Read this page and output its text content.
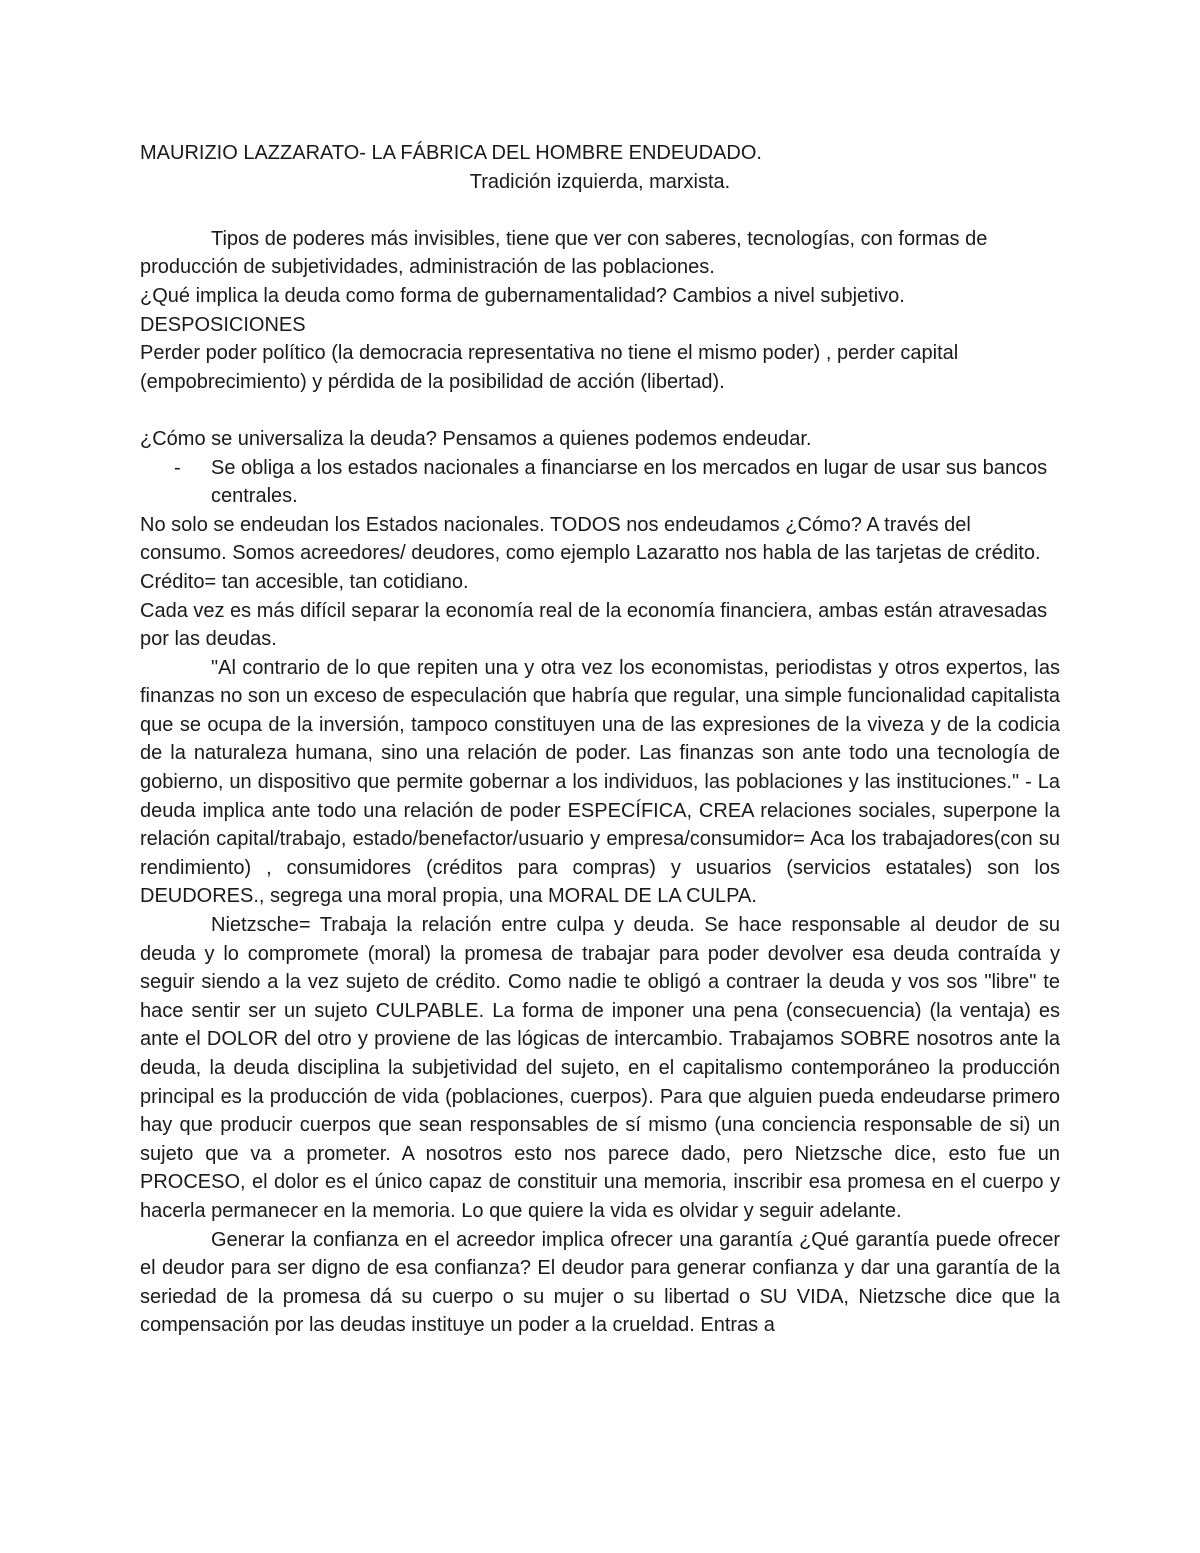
MAURIZIO LAZZARATO- LA FÁBRICA DEL HOMBRE ENDEUDADO.

Tradición izquierda, marxista.

Tipos de poderes más invisibles, tiene que ver con saberes, tecnologías, con formas de producción de subjetividades, administración de las poblaciones.

¿Qué implica la deuda como forma de gubernamentalidad? Cambios a nivel subjetivo.

DESPOSICIONES

Perder poder político (la democracia representativa no tiene el mismo poder) , perder capital (empobrecimiento) y pérdida de la posibilidad de acción (libertad).

¿Cómo se universaliza la deuda? Pensamos a quienes podemos endeudar.

-	Se obliga a los estados nacionales a financiarse en los mercados en lugar de usar sus bancos centrales.

No solo se endeudan los Estados nacionales. TODOS nos endeudamos ¿Cómo? A través del consumo. Somos acreedores/ deudores, como ejemplo Lazaratto nos habla de las tarjetas de crédito. Crédito= tan accesible, tan cotidiano.

Cada vez es más difícil separar la economía real de la economía financiera, ambas están atravesadas por las deudas.

"Al contrario de lo que repiten una y otra vez los economistas, periodistas y otros expertos, las finanzas no son un exceso de especulación que habría que regular, una simple funcionalidad capitalista que se ocupa de la inversión, tampoco constituyen una de las expresiones de la viveza y de la codicia de la naturaleza humana, sino una relación de poder. Las finanzas son ante todo una tecnología de gobierno, un dispositivo que permite gobernar a los individuos, las poblaciones y las instituciones." - La deuda implica ante todo una relación de poder ESPECÍFICA, CREA relaciones sociales, superpone la relación capital/trabajo, estado/benefactor/usuario y empresa/consumidor= Aca los trabajadores(con su rendimiento) , consumidores (créditos para compras) y usuarios (servicios estatales) son los DEUDORES., segrega una moral propia, una MORAL DE LA CULPA.

Nietzsche= Trabaja la relación entre culpa y deuda. Se hace responsable al deudor de su deuda y lo compromete (moral) la promesa de trabajar para poder devolver esa deuda contraída y seguir siendo a la vez sujeto de crédito. Como nadie te obligó a contraer la deuda y vos sos "libre" te hace sentir ser un sujeto CULPABLE. La forma de imponer una pena (consecuencia) (la ventaja) es ante el DOLOR del otro y proviene de las lógicas de intercambio. Trabajamos SOBRE nosotros ante la deuda, la deuda disciplina la subjetividad del sujeto, en el capitalismo contemporáneo la producción principal es la producción de vida (poblaciones, cuerpos). Para que alguien pueda endeudarse primero hay que producir cuerpos que sean responsables de sí mismo (una conciencia responsable de si) un sujeto que va a prometer. A nosotros esto nos parece dado, pero Nietzsche dice, esto fue un PROCESO, el dolor es el único capaz de constituir una memoria, inscribir esa promesa en el cuerpo y hacerla permanecer en la memoria. Lo que quiere la vida es olvidar y seguir adelante.

Generar la confianza en el acreedor implica ofrecer una garantía ¿Qué garantía puede ofrecer el deudor para ser digno de esa confianza? El deudor para generar confianza y dar una garantía de la seriedad de la promesa dá su cuerpo o su mujer o su libertad o SU VIDA, Nietzsche dice que la compensación por las deudas instituye un poder a la crueldad. Entras a
